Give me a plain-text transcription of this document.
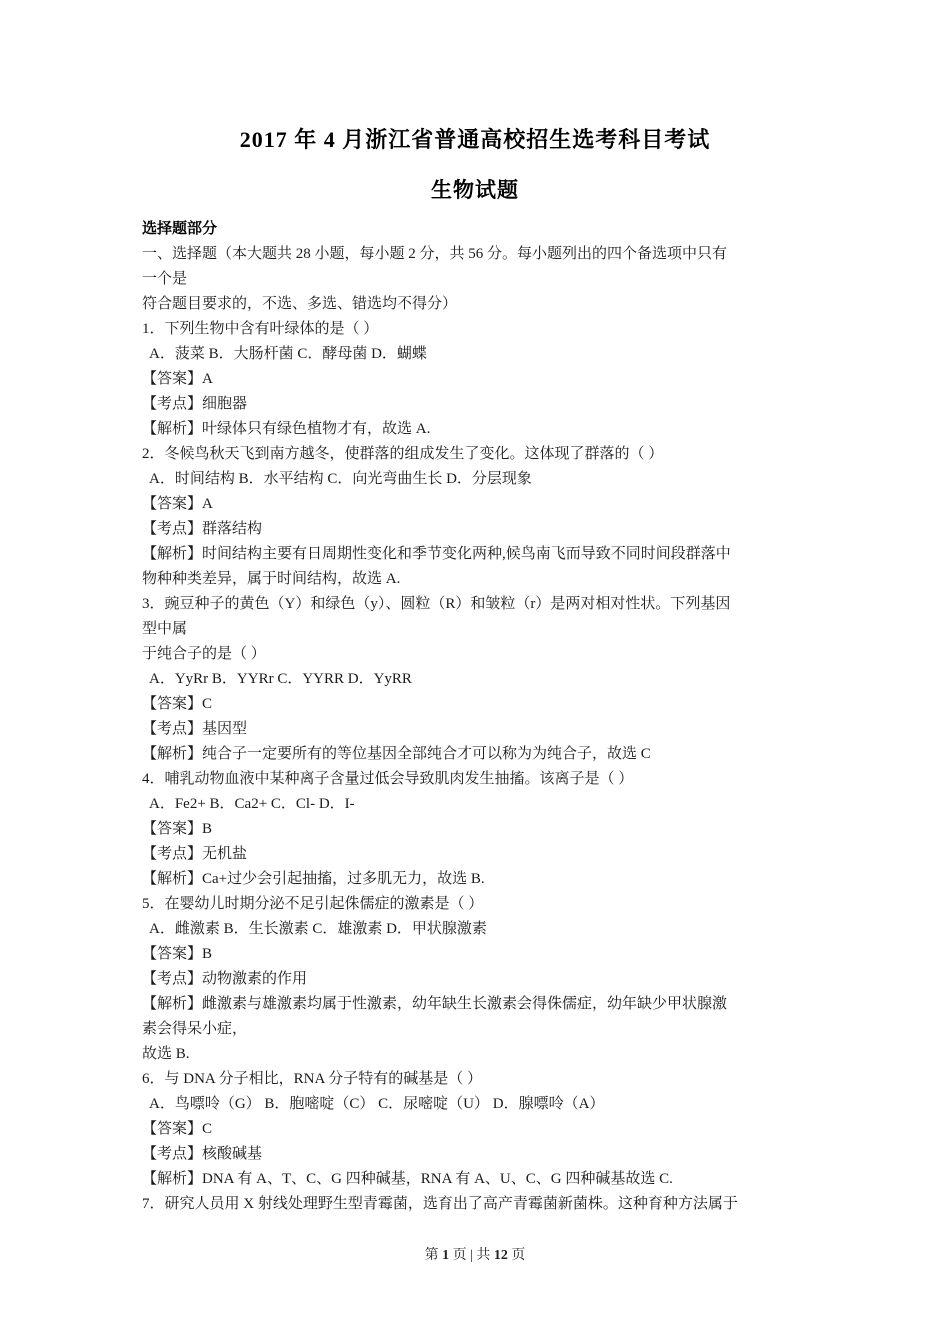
2017 年 4 月浙江省普通高校招生选考科目考试
生物试题
选择题部分
一、选择题（本大题共 28 小题，每小题 2 分，共 56 分。每小题列出的四个备选项中只有
一个是
符合题目要求的，不选、多选、错选均不得分）
1．下列生物中含有叶绿体的是（ ）
A．菠菜 B．大肠杆菌 C．酵母菌 D．蝴蝶
【答案】A
【考点】细胞器
【解析】叶绿体只有绿色植物才有，故选 A.
2．冬候鸟秋天飞到南方越冬，使群落的组成发生了变化。这体现了群落的（ ）
A．时间结构 B．水平结构 C．向光弯曲生长 D．分层现象
【答案】A
【考点】群落结构
【解析】时间结构主要有日周期性变化和季节变化两种,候鸟南飞而导致不同时间段群落中
物种种类差异，属于时间结构，故选 A.
3．豌豆种子的黄色（Y）和绿色（y）、圆粒（R）和皱粒（r）是两对相对性状。下列基因
型中属
于纯合子的是（ ）
A．YyRr B．YYRr C．YYRR D．YyRR
【答案】C
【考点】基因型
【解析】纯合子一定要所有的等位基因全部纯合才可以称为为纯合子，故选 C
4．哺乳动物血液中某种离子含量过低会导致肌肉发生抽搐。该离子是（ ）
A．Fe2+ B．Ca2+ C．Cl- D．I-
【答案】B
【考点】无机盐
【解析】Ca+过少会引起抽搐，过多肌无力，故选 B.
5．在婴幼儿时期分泌不足引起侏儒症的激素是（ ）
A．雌激素 B．生长激素 C．雄激素 D．甲状腺激素
【答案】B
【考点】动物激素的作用
【解析】雌激素与雄激素均属于性激素，幼年缺生长激素会得侏儒症，幼年缺少甲状腺激
素会得呆小症，
故选 B.
6．与 DNA 分子相比，RNA 分子特有的碱基是（ ）
A．鸟嘌呤（G） B．胞嘧啶（C） C．尿嘧啶（U） D．腺嘌呤（A）
【答案】C
【考点】核酸碱基
【解析】DNA 有 A、T、C、G 四种碱基，RNA 有 A、U、C、G 四种碱基故选 C.
7．研究人员用 X 射线处理野生型青霉菌，选育出了高产青霉菌新菌株。这种育种方法属于
第 1 页 | 共 12 页
